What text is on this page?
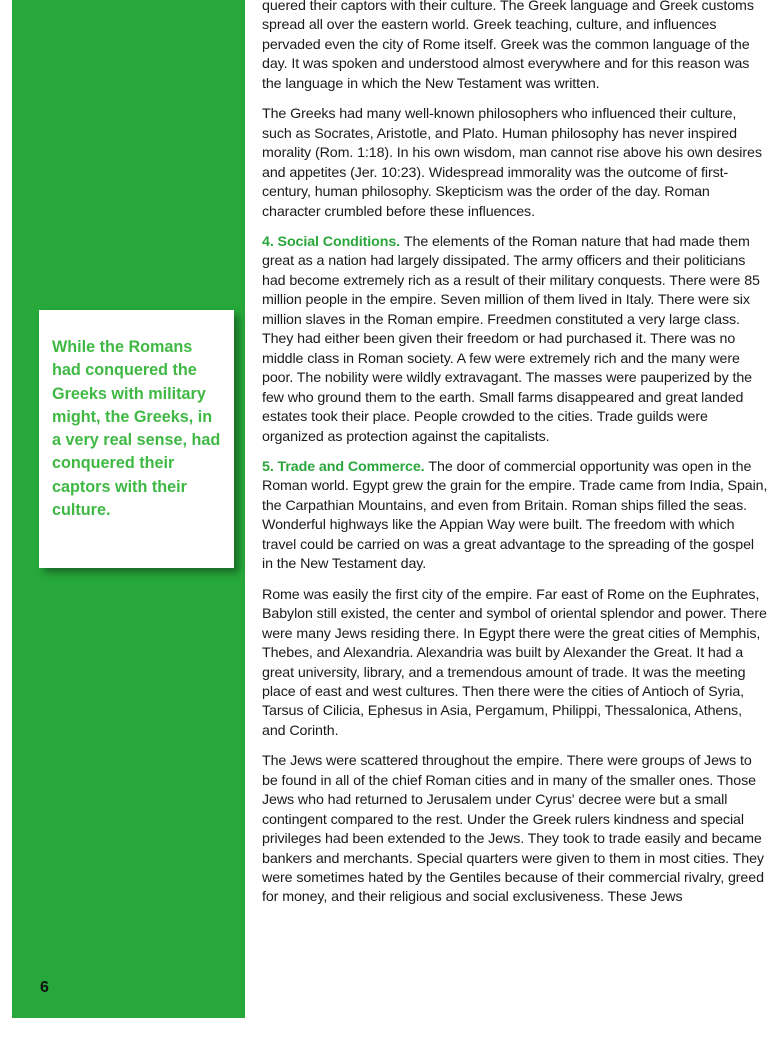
While the Romans had conquered the Greeks with military might, the Greeks, in a very real sense, had conquered their captors with their culture.

6

quered their captors with their culture. The Greek language and Greek customs spread all over the eastern world. Greek teaching, culture, and influences pervaded even the city of Rome itself. Greek was the common language of the day. It was spoken and understood almost everywhere and for this reason was the language in which the New Testament was written.

The Greeks had many well-known philosophers who influenced their culture, such as Socrates, Aristotle, and Plato. Human philosophy has never inspired morality (Rom. 1:18). In his own wisdom, man cannot rise above his own desires and appetites (Jer. 10:23). Widespread immorality was the outcome of first-century, human philosophy. Skepticism was the order of the day. Roman character crumbled before these influences.

4. Social Conditions. The elements of the Roman nature that had made them great as a nation had largely dissipated. The army officers and their politicians had become extremely rich as a result of their military conquests. There were 85 million people in the empire. Seven million of them lived in Italy. There were six million slaves in the Roman empire. Freedmen constituted a very large class. They had either been given their freedom or had purchased it. There was no middle class in Roman society. A few were extremely rich and the many were poor. The nobility were wildly extravagant. The masses were pauperized by the few who ground them to the earth. Small farms disappeared and great landed estates took their place. People crowded to the cities. Trade guilds were organized as protection against the capitalists.

5. Trade and Commerce. The door of commercial opportunity was open in the Roman world. Egypt grew the grain for the empire. Trade came from India, Spain, the Carpathian Mountains, and even from Britain. Roman ships filled the seas. Wonderful highways like the Appian Way were built. The freedom with which travel could be carried on was a great advantage to the spreading of the gospel in the New Testament day.

Rome was easily the first city of the empire. Far east of Rome on the Euphrates, Babylon still existed, the center and symbol of oriental splendor and power. There were many Jews residing there. In Egypt there were the great cities of Memphis, Thebes, and Alexandria. Alexandria was built by Alexander the Great. It had a great university, library, and a tremendous amount of trade. It was the meeting place of east and west cultures. Then there were the cities of Antioch of Syria, Tarsus of Cilicia, Ephesus in Asia, Pergamum, Philippi, Thessalonica, Athens, and Corinth.

The Jews were scattered throughout the empire. There were groups of Jews to be found in all of the chief Roman cities and in many of the smaller ones. Those Jews who had returned to Jerusalem under Cyrus' decree were but a small contingent compared to the rest. Under the Greek rulers kindness and special privileges had been extended to the Jews. They took to trade easily and became bankers and merchants. Special quarters were given to them in most cities. They were sometimes hated by the Gentiles because of their commercial rivalry, greed for money, and their religious and social exclusiveness. These Jews
